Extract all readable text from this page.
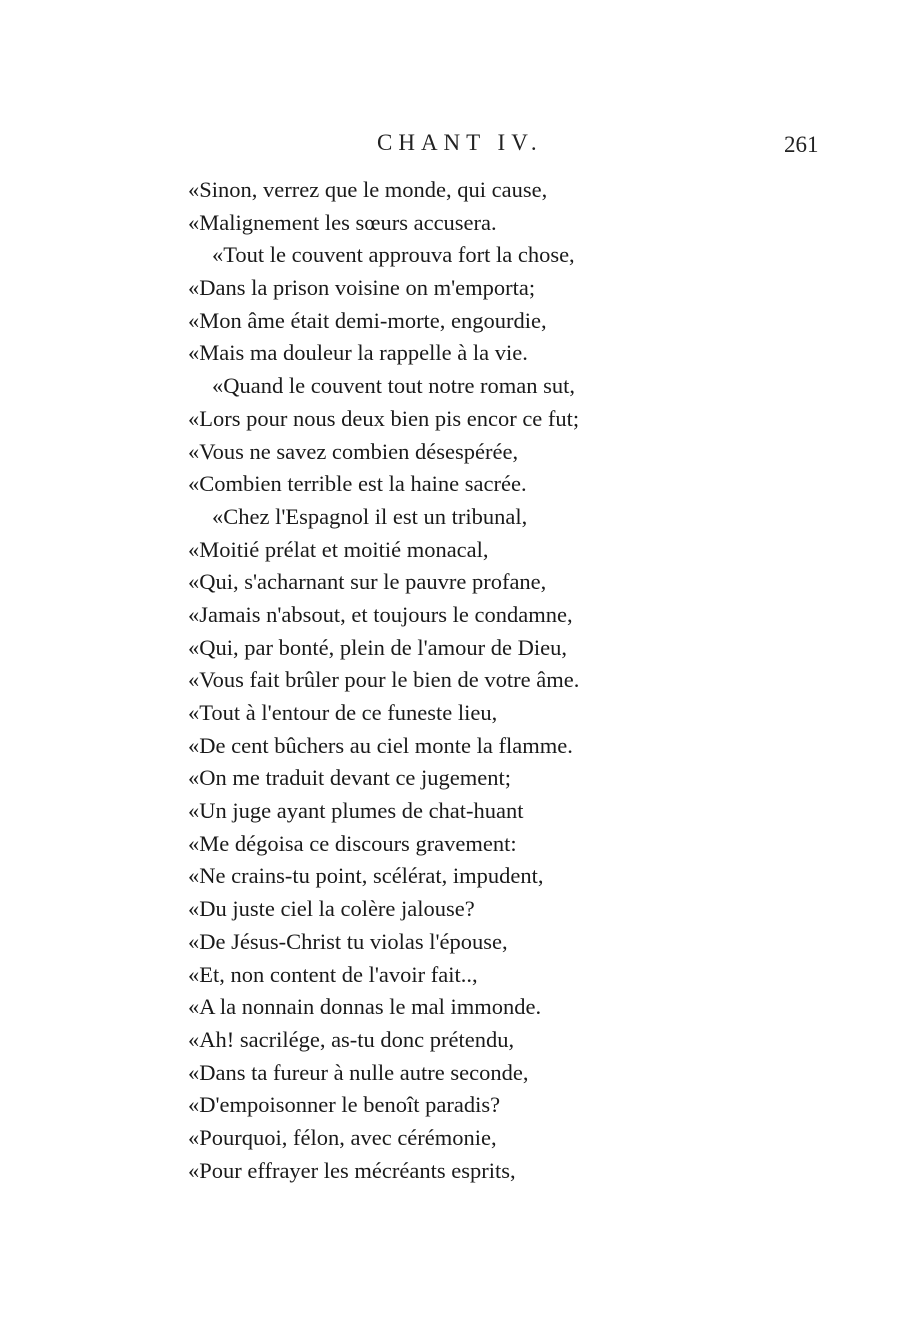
CHANT IV.	261
«Sinon, verrez que le monde, qui cause,
«Malignement les sœurs accusera.
«Tout le couvent approuva fort la chose,
«Dans la prison voisine on m'emporta;
«Mon âme était demi-morte, engourdie,
«Mais ma douleur la rappelle à la vie.
«Quand le couvent tout notre roman sut,
«Lors pour nous deux bien pis encor ce fut;
«Vous ne savez combien désespérée,
«Combien terrible est la haine sacrée.
«Chez l'Espagnol il est un tribunal,
«Moitié prélat et moitié monacal,
«Qui, s'acharnant sur le pauvre profane,
«Jamais n'absout, et toujours le condamne,
«Qui, par bonté, plein de l'amour de Dieu,
«Vous fait brûler pour le bien de votre âme.
«Tout à l'entour de ce funeste lieu,
«De cent bûchers au ciel monte la flamme.
«On me traduit devant ce jugement;
«Un juge ayant plumes de chat-huant
«Me dégoisa ce discours gravement:
«Ne crains-tu point, scélérat, impudent,
«Du juste ciel la colère jalouse?
«De Jésus-Christ tu violas l'épouse,
«Et, non content de l'avoir fait..,
«A la nonnain donnas le mal immonde.
«Ah! sacrilége, as-tu donc prétendu,
«Dans ta fureur à nulle autre seconde,
«D'empoisonner le benoît paradis?
«Pourquoi, félon, avec cérémonie,
«Pour effrayer les mécréants esprits,
